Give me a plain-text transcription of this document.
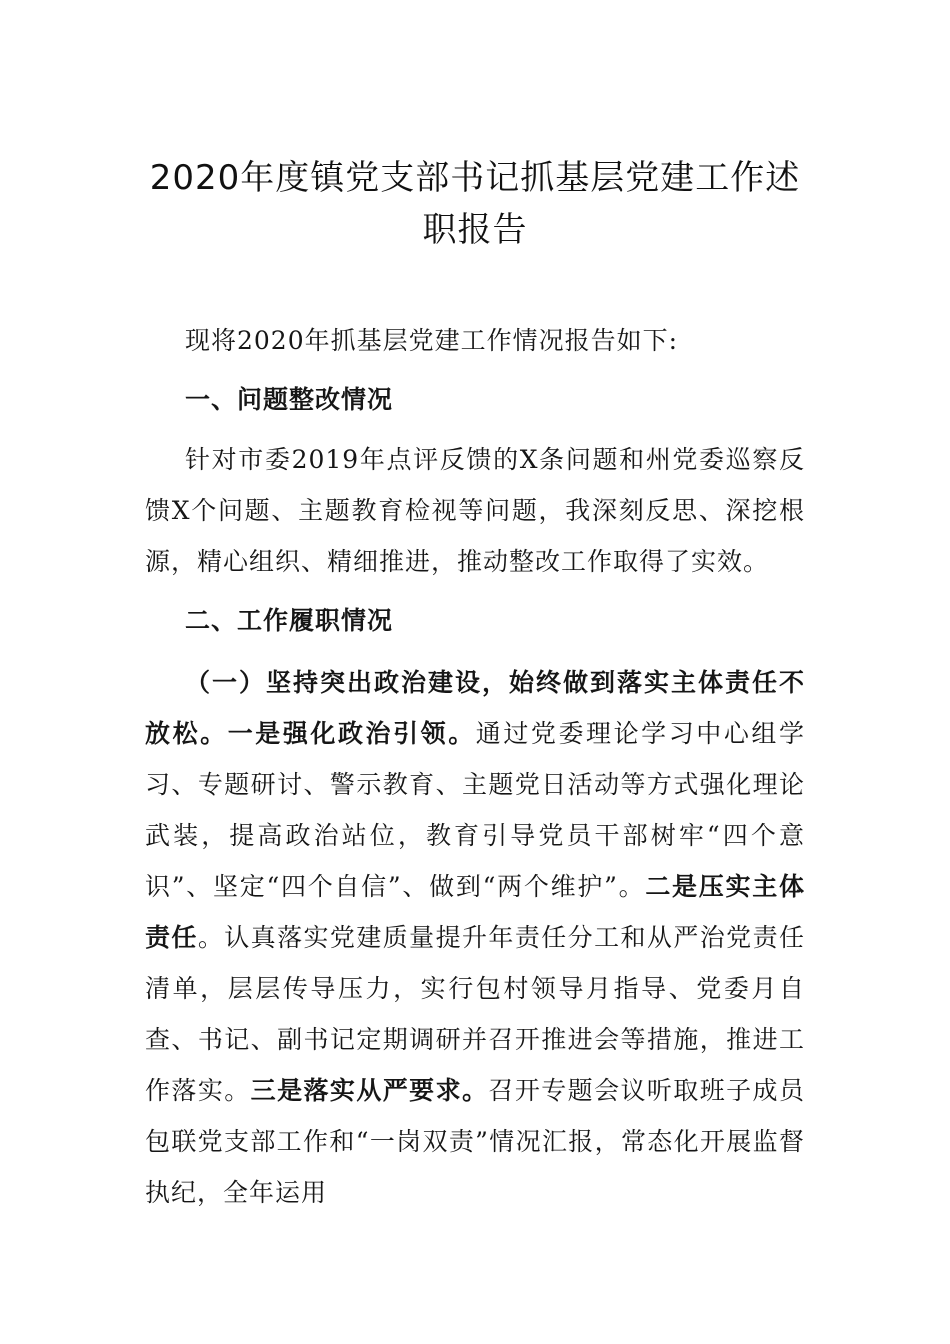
2020年度镇党支部书记抓基层党建工作述职报告
现将2020年抓基层党建工作情况报告如下:
一、问题整改情况
针对市委2019年点评反馈的X条问题和州党委巡察反馈X个问题、主题教育检视等问题，我深刻反思、深挖根源，精心组织、精细推进，推动整改工作取得了实效。
二、工作履职情况
（一）坚持突出政治建设，始终做到落实主体责任不放松。一是强化政治引领。通过党委理论学习中心组学习、专题研讨、警示教育、主题党日活动等方式强化理论武装，提高政治站位，教育引导党员干部树牢“四个意识”、坚定“四个自信”、做到“两个维护”。二是压实主体责任。认真落实党建质量提升年责任分工和从严治党责任清单，层层传导压力，实行包村领导月指导、党委月自查、书记、副书记定期调研并召开推进会等措施，推进工作落实。三是落实从严要求。召开专题会议听取班子成员包联党支部工作和“一岗双责”情况汇报，常态化开展监督执纪，全年运用
